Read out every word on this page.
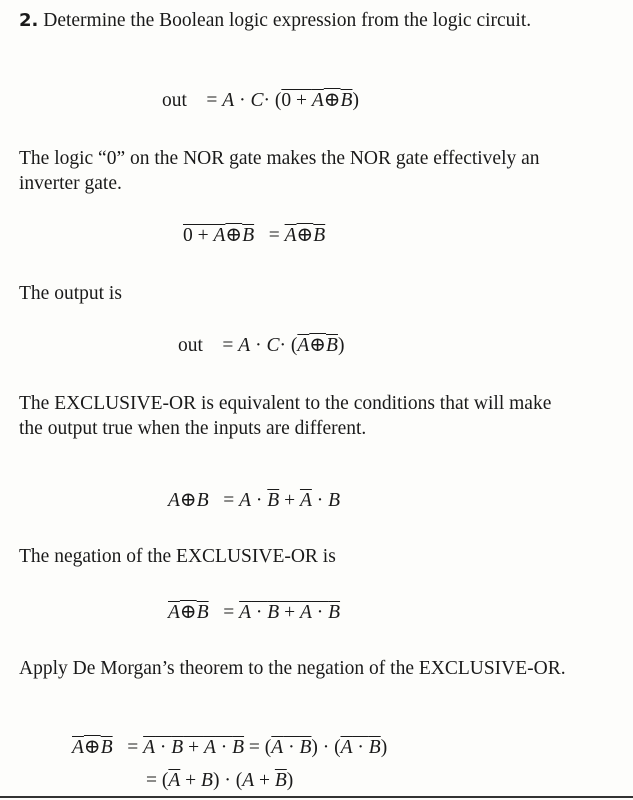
2. Determine the Boolean logic expression from the logic circuit.

out = A · C· (0 + A⊕B)

The logic “0” on the NOR gate makes the NOR gate effectively an inverter gate.

0 + A⊕B = A⊕B

The output is

out = A · C· (A⊕B)

The EXCLUSIVE-OR is equivalent to the conditions that will make the output true when the inputs are different.

A⊕B = $A \cdot \overline{B} + \overline{A} \cdot B$

The negation of the EXCLUSIVE-OR is

A⊕B = A · B + A · B

Apply De Morgan’s theorem to the negation of the EXCLUSIVE-OR.

A⊕B = A · B + A · B = (A · B) · (A · B)
= $(\overline{A} + B) \cdot (A + \overline{B})$
